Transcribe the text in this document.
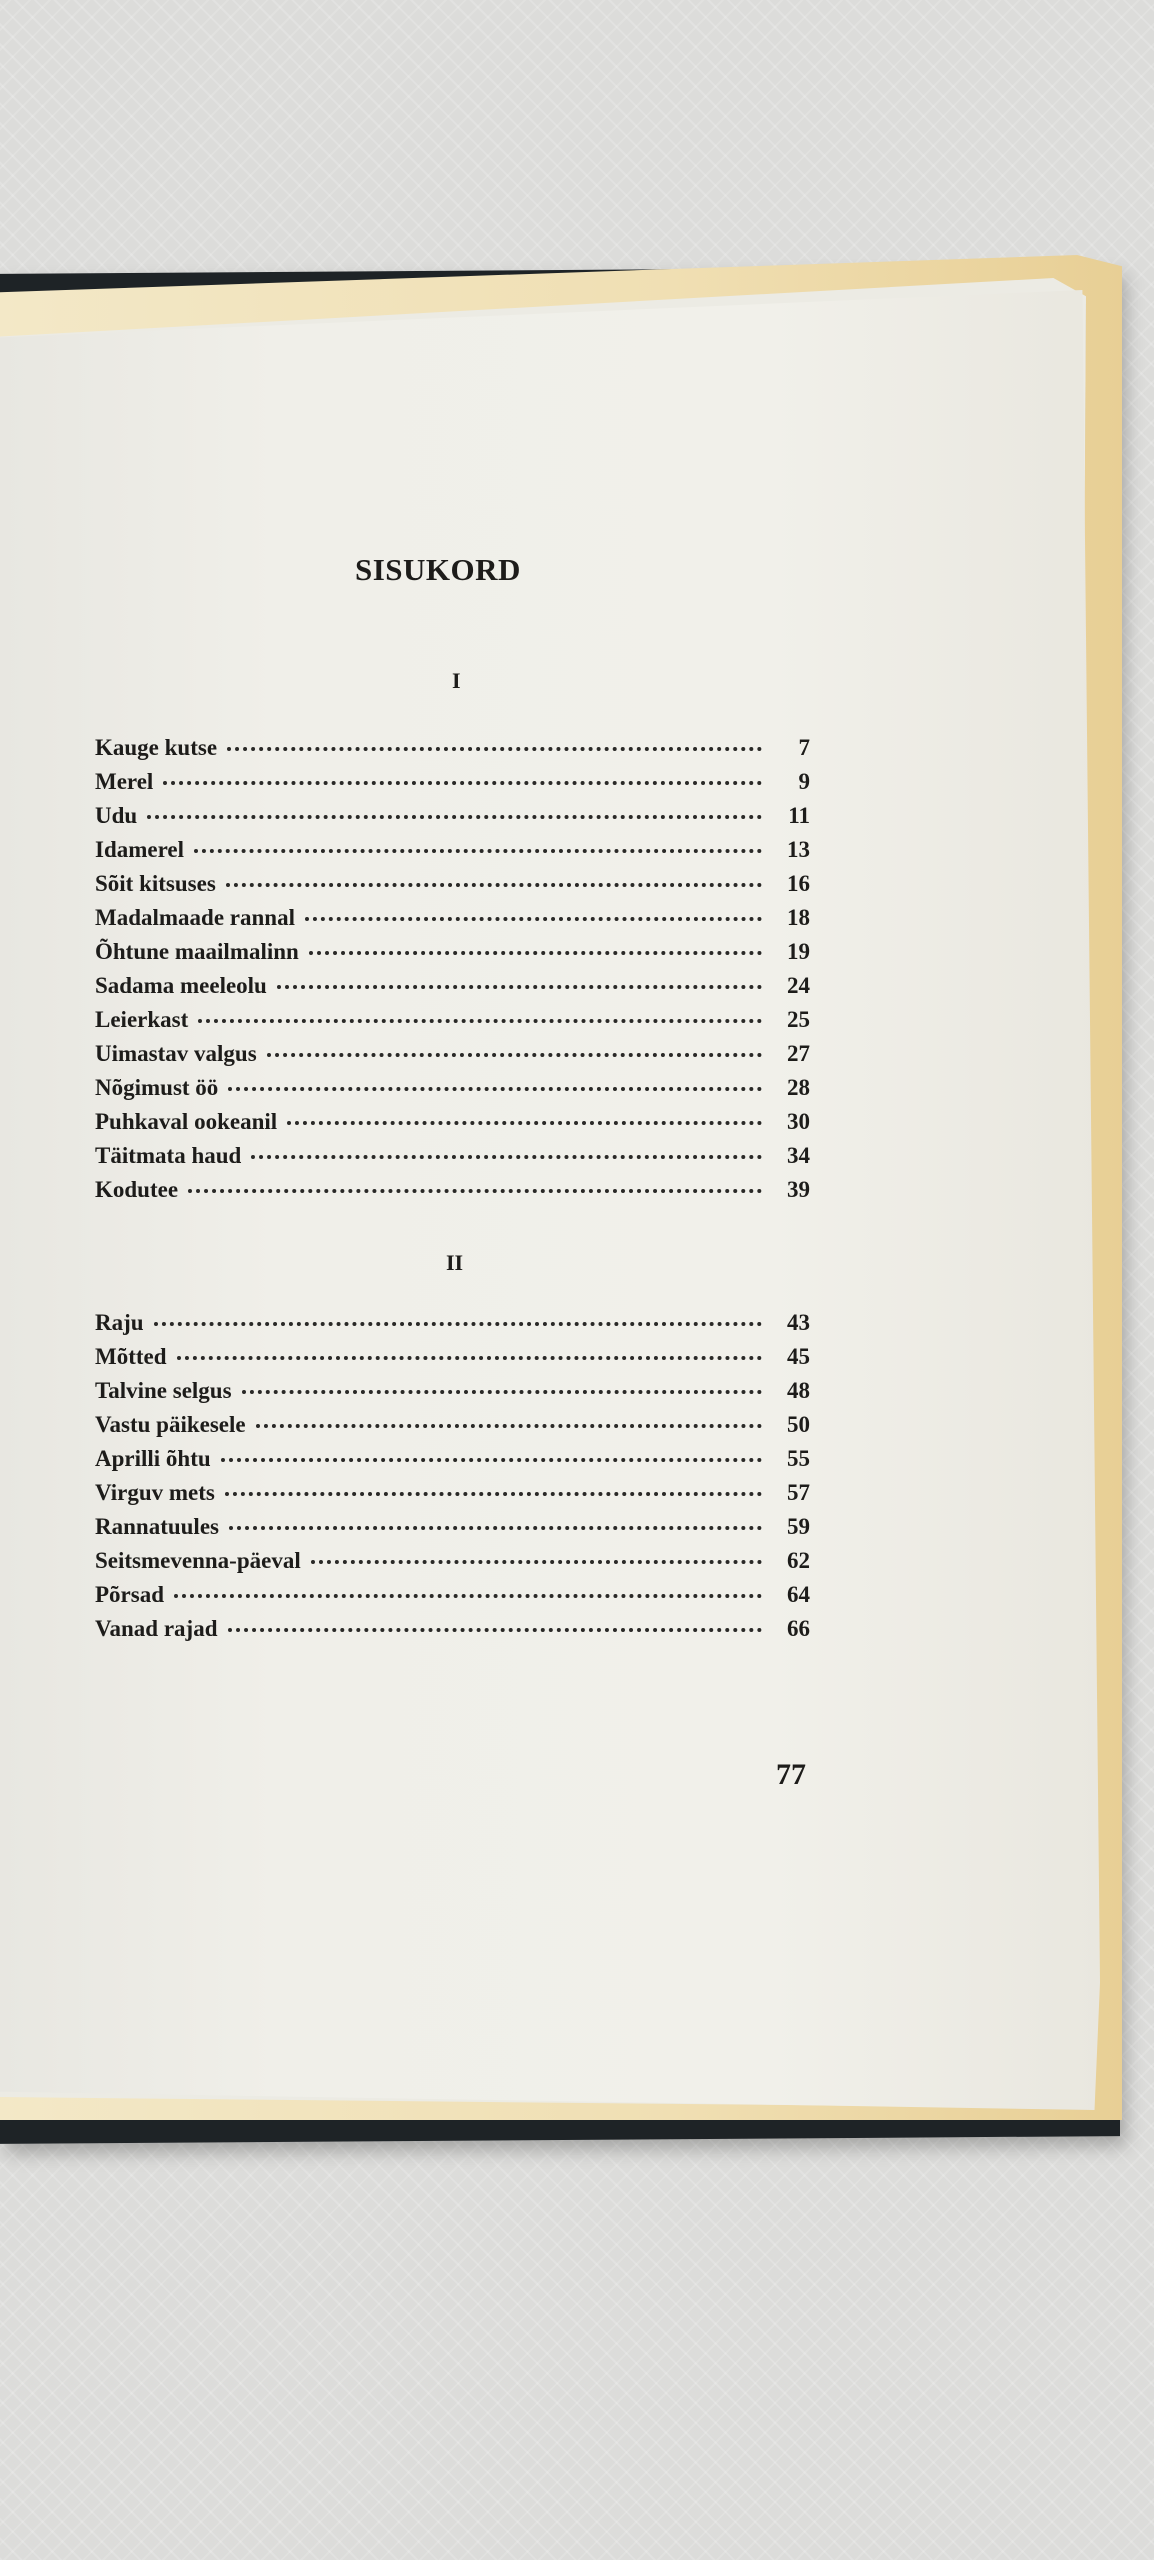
SISUKORD
I
Kauge kutse	7
Merel	9
Udu	11
Idamerel	13
Sõit kitsuses	16
Madalmaade rannal	18
Õhtune maailmalinn	19
Sadama meeleolu	24
Leierkast	25
Uimastav valgus	27
Nõgimust öö	28
Puhkaval ookeanil	30
Täitmata haud	34
Kodutee	39
II
Raju	43
Mõtted	45
Talvine selgus	48
Vastu päikesele	50
Aprilli õhtu	55
Virguv mets	57
Rannatuules	59
Seitsmevenna-päeval	62
Põrsad	64
Vanad rajad	66

77
